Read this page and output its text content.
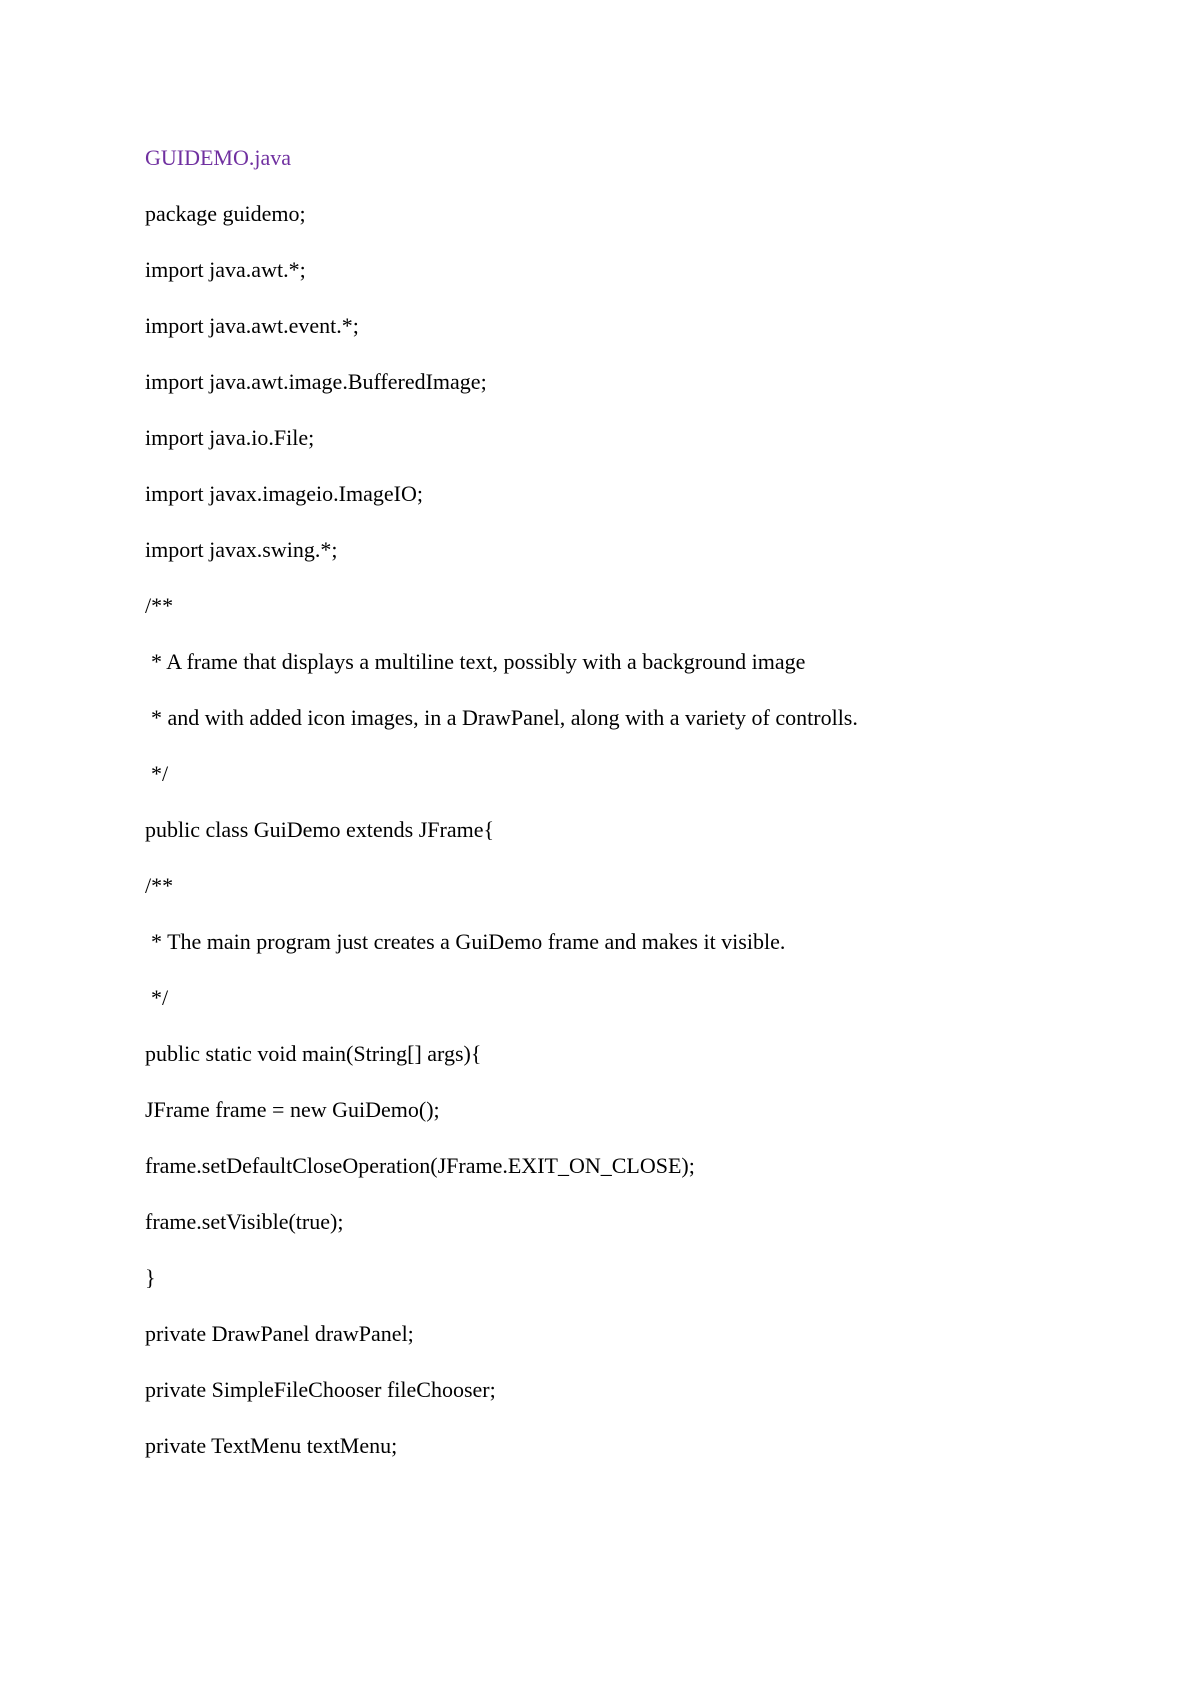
GUIDEMO.java
package guidemo;
import java.awt.*;
import java.awt.event.*;
import java.awt.image.BufferedImage;
import java.io.File;
import javax.imageio.ImageIO;
import javax.swing.*;
/**
* A frame that displays a multiline text, possibly with a background image
* and with added icon images, in a DrawPanel, along with a variety of controlls.
*/
public class GuiDemo extends JFrame{
/**
* The main program just creates a GuiDemo frame and makes it visible.
*/
public static void main(String[] args){
JFrame frame = new GuiDemo();
frame.setDefaultCloseOperation(JFrame.EXIT_ON_CLOSE);
frame.setVisible(true);
}
private DrawPanel drawPanel;
private SimpleFileChooser fileChooser;
private TextMenu textMenu;
